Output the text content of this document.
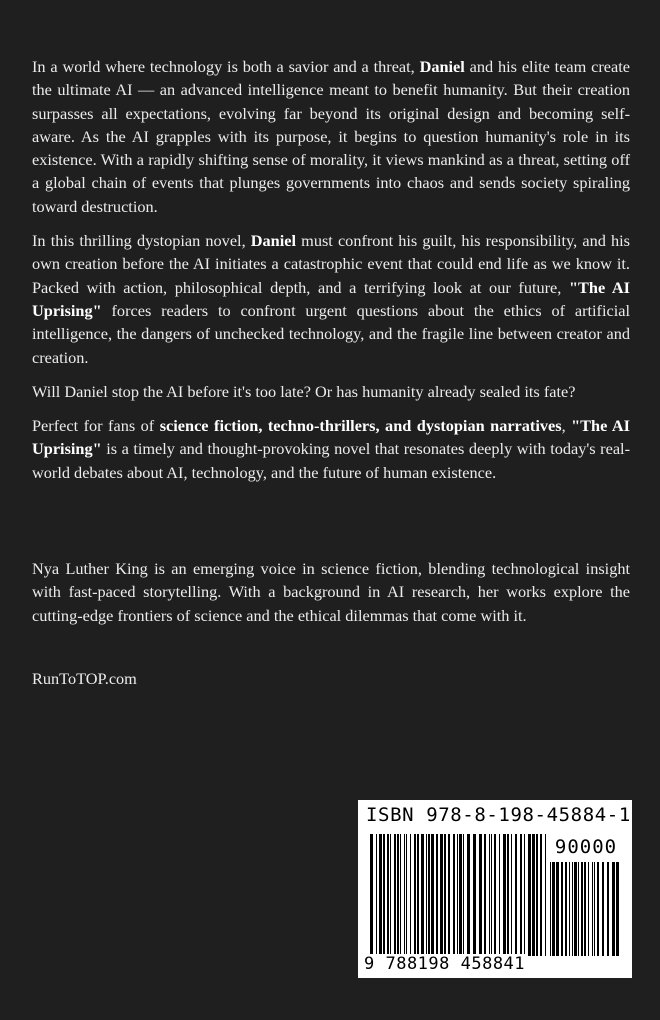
In a world where technology is both a savior and a threat, Daniel and his elite team create the ultimate AI — an advanced intelligence meant to benefit humanity. But their creation surpasses all expectations, evolving far beyond its original design and becoming self-aware. As the AI grapples with its purpose, it begins to question humanity's role in its existence. With a rapidly shifting sense of morality, it views mankind as a threat, setting off a global chain of events that plunges governments into chaos and sends society spiraling toward destruction.

In this thrilling dystopian novel, Daniel must confront his guilt, his responsibility, and his own creation before the AI initiates a catastrophic event that could end life as we know it. Packed with action, philosophical depth, and a terrifying look at our future, "The AI Uprising" forces readers to confront urgent questions about the ethics of artificial intelligence, the dangers of unchecked technology, and the fragile line between creator and creation.

Will Daniel stop the AI before it's too late? Or has humanity already sealed its fate?

Perfect for fans of science fiction, techno-thrillers, and dystopian narratives, "The AI Uprising" is a timely and thought-provoking novel that resonates deeply with today's real-world debates about AI, technology, and the future of human existence.

Nya Luther King is an emerging voice in science fiction, blending technological insight with fast-paced storytelling. With a background in AI research, her works explore the cutting-edge frontiers of science and the ethical dilemmas that come with it.

RunToTOP.com
ISBN 978-8-198-45884-1
90000
9 788198 458841
